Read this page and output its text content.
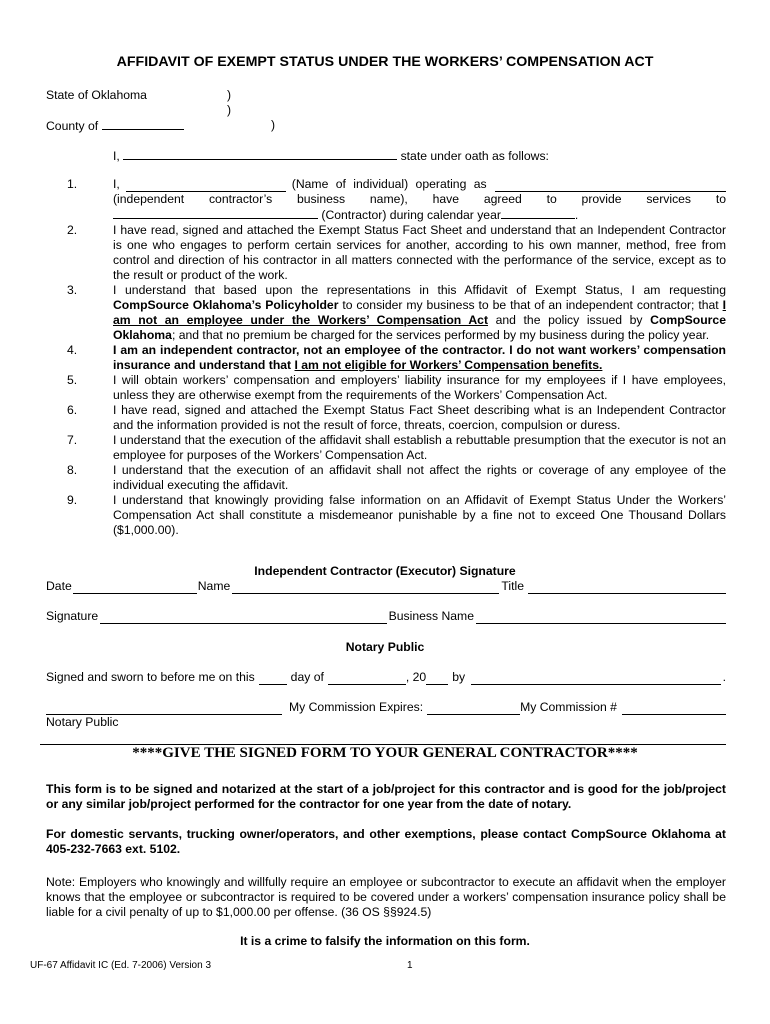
AFFIDAVIT OF EXEMPT STATUS UNDER THE WORKERS’ COMPENSATION ACT
State of Oklahoma	)
)
County of	)
I,	state under oath as follows:
1.	I,	(Name of individual) operating as
(independent contractor’s business name), have agreed to provide services to
(Contractor) during calendar year	.
2.	I have read, signed and attached the Exempt Status Fact Sheet and understand that an Independent Contractor is one who engages to perform certain services for another, according to his own manner, method, free from control and direction of his contractor in all matters connected with the performance of the service, except as to the result or product of the work.
3.	I understand that based upon the representations in this Affidavit of Exempt Status, I am requesting CompSource Oklahoma’s Policyholder to consider my business to be that of an independent contractor; that I am not an employee under the Workers’ Compensation Act and the policy issued by CompSource Oklahoma; and that no premium be charged for the services performed by my business during the policy year.
4.	I am an independent contractor, not an employee of the contractor. I do not want workers’ compensation insurance and understand that I am not eligible for Workers’ Compensation benefits.
5.	I will obtain workers’ compensation and employers’ liability insurance for my employees if I have employees, unless they are otherwise exempt from the requirements of the Workers’ Compensation Act.
6.	I have read, signed and attached the Exempt Status Fact Sheet describing what is an Independent Contractor and the information provided is not the result of force, threats, coercion, compulsion or duress.
7.	I understand that the execution of the affidavit shall establish a rebuttable presumption that the executor is not an employee for purposes of the Workers’ Compensation Act.
8.	I understand that the execution of an affidavit shall not affect the rights or coverage of any employee of the individual executing the affidavit.
9.	I understand that knowingly providing false information on an Affidavit of Exempt Status Under the Workers’ Compensation Act shall constitute a misdemeanor punishable by a fine not to exceed One Thousand Dollars ($1,000.00).
Independent Contractor (Executor) Signature
Date	Name	Title
Signature	Business Name
Notary Public
Signed and sworn to before me on this	day of	, 20 by	.
My Commission Expires:	My Commission #
Notary Public
****GIVE THE SIGNED FORM TO YOUR GENERAL CONTRACTOR****
This form is to be signed and notarized at the start of a job/project for this contractor and is good for the job/project or any similar job/project performed for the contractor for one year from the date of notary.
For domestic servants, trucking owner/operators, and other exemptions, please contact CompSource Oklahoma at 405-232-7663 ext. 5102.
Note: Employers who knowingly and willfully require an employee or subcontractor to execute an affidavit when the employer knows that the employee or subcontractor is required to be covered under a workers’ compensation insurance policy shall be liable for a civil penalty of up to $1,000.00 per offense. (36 OS §§924.5)
It is a crime to falsify the information on this form.
UF-67 Affidavit IC (Ed. 7-2006) Version 3	1
